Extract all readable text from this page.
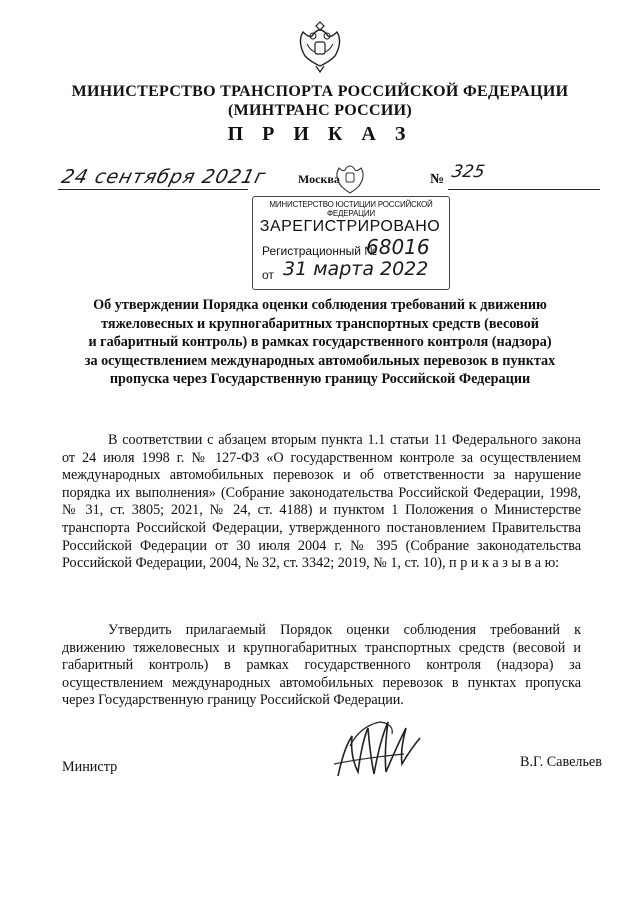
МИНИСТЕРСТВО ТРАНСПОРТА РОССИЙСКОЙ ФЕДЕРАЦИИ
(МИНТРАНС РОССИИ)
П Р И К А З
24 сентября 2021г Москва	№ 325
МИНИСТЕРСТВО ЮСТИЦИИ РОССИЙСКОЙ ФЕДЕРАЦИИ
ЗАРЕГИСТРИРОВАНО
Регистрационный №
68016
от 31 марта 2022
Об утверждении Порядка оценки соблюдения требований к движению
тяжеловесных и крупногабаритных транспортных средств (весовой
и габаритный контроль) в рамках государственного контроля (надзора)
за осуществлением международных автомобильных перевозок в пунктах
пропуска через Государственную границу Российской Федерации
В соответствии с абзацем вторым пункта 1.1 статьи 11 Федерального закона от 24 июля 1998 г. № 127-ФЗ «О государственном контроле за осуществлением международных автомобильных перевозок и об ответственности за нарушение порядка их выполнения» (Собрание законодательства Российской Федерации, 1998, № 31, ст. 3805; 2021, № 24, ст. 4188) и пунктом 1 Положения о Министерстве транспорта Российской Федерации, утвержденного постановлением Правительства Российской Федерации от 30 июля 2004 г. № 395 (Собрание законодательства Российской Федерации, 2004, № 32, ст. 3342; 2019, № 1, ст. 10), п р и к а з ы в а ю:
Утвердить прилагаемый Порядок оценки соблюдения требований к движению тяжеловесных и крупногабаритных транспортных средств (весовой и габаритный контроль) в рамках государственного контроля (надзора) за осуществлением международных автомобильных перевозок в пунктах пропуска через Государственную границу Российской Федерации.
Министр	В.Г. Савельев
